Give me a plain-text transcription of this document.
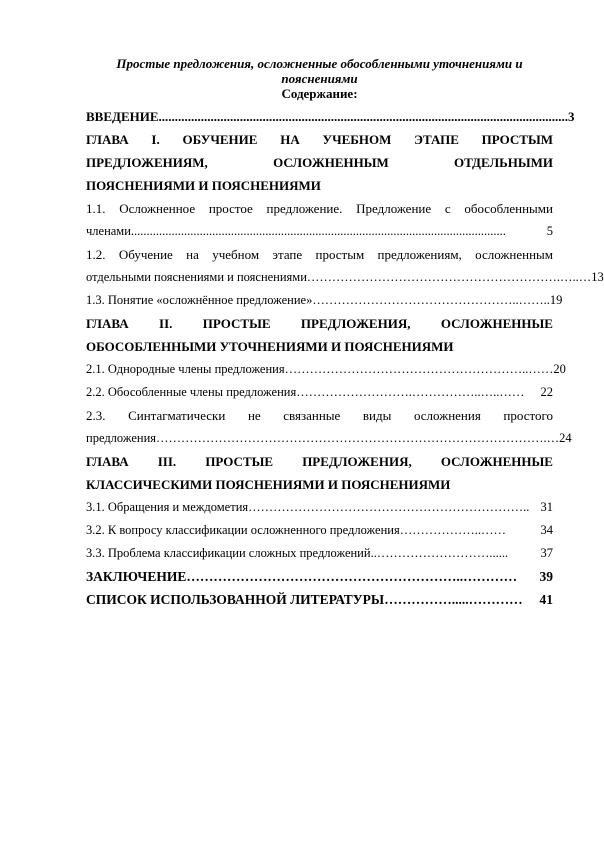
Простые предложения, осложненные обособленными уточнениями и
пояснениями
Содержание:
ВВЕДЕНИЕ .............................................................................................................................. 3
ГЛАВА I. ОБУЧЕНИЕ НА УЧЕБНОМ ЭТАПЕ ПРОСТЫМ
ПРЕДЛОЖЕНИЯМ,	ОСЛОЖНЕННЫМ	ОТДЕЛЬНЫМИ
ПОЯСНЕНИЯМИ И ПОЯСНЕНИЯМИ
1.1. Осложненное простое предложение. Предложение с обособленными
членами ........................................................................................................................	5
1.2. Обучение на учебном этапе простым предложениям, осложненным
отдельными пояснениями и пояснениями …………………………………………………….…..… 13
1.3. Понятие «осложнённое предложение» …………………………………………..…….. 19
ГЛАВА II. ПРОСТЫЕ ПРЕДЛОЖЕНИЯ, ОСЛОЖНЕННЫЕ
ОБОСОБЛЕННЫМИ УТОЧНЕНИЯМИ И ПОЯСНЕНИЯМИ
2.1. Однородные члены предложения …………………………………………………..…… 20
2.2. Обособленные члены предложения ……………………….……………..…..……	22
2.3. Синтагматически не связанные виды осложнения простого
предложения ………………………………………………………………………………….… 24
ГЛАВА III. ПРОСТЫЕ ПРЕДЛОЖЕНИЯ, ОСЛОЖНЕННЫЕ
КЛАССИЧЕСКИМИ ПОЯСНЕНИЯМИ И ПОЯСНЕНИЯМИ
3.1. Обращения и междометия ………………………………………………………….. 31
3.2. К вопросу классификации осложненного предложения ………………..……	34
3.3. Проблема классификации сложных предложений ..………………………......	37
ЗАКЛЮЧЕНИЕ ……………………………………………………..…………	39
СПИСОК ИСПОЛЬЗОВАННОЙ ЛИТЕРАТУРЫ …………….....…………	41
